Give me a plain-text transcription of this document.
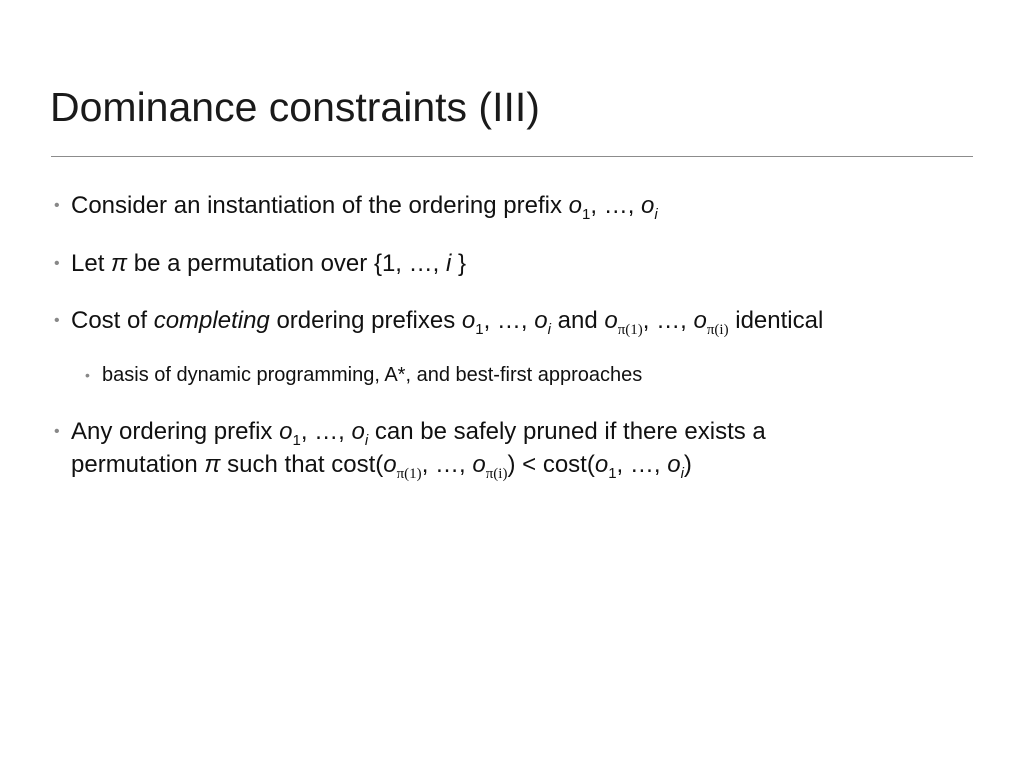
Dominance constraints (III)
• Consider an instantiation of the ordering prefix $o_1$, …, $o_i$
• Let π be a permutation over {1, …, i }
• Cost of completing ordering prefixes $o_1$, …, $o_i$ and $o_{\pi(1)}$, …, $o_{\pi(i)}$ identical
• basis of dynamic programming, A*, and best-first approaches
• Any ordering prefix $o_1$, …, $o_i$ can be safely pruned if there exists a
permutation π such that $\cos t(o_{\pi(1)}$, …, $o_{\pi(i)}) < \cos t(o_1$, …, $o_i$)
